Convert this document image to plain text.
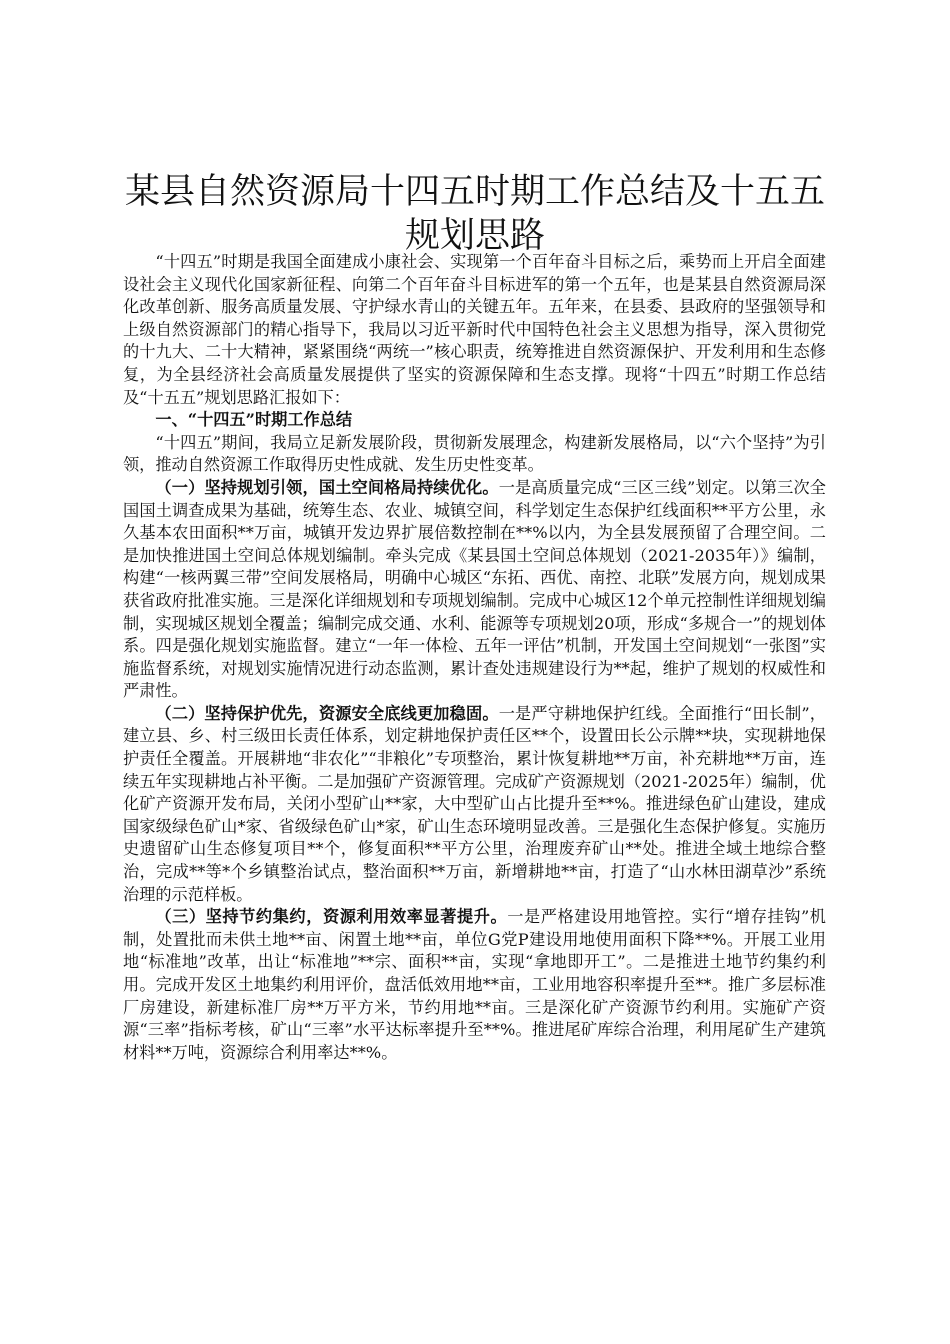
某县自然资源局十四五时期工作总结及十五五规划思路

“十四五”时期是我国全面建成小康社会、实现第一个百年奋斗目标之后，乘势而上开启全面建设社会主义现代化国家新征程、向第二个百年奋斗目标进军的第一个五年，也是某县自然资源局深化改革创新、服务高质量发展、守护绿水青山的关键五年。五年来，在县委、县政府的坚强领导和上级自然资源部门的精心指导下，我局以习近平新时代中国特色社会主义思想为指导，深入贯彻党的十九大、二十大精神，紧紧围绕“两统一”核心职责，统筹推进自然资源保护、开发利用和生态修复，为全县经济社会高质量发展提供了坚实的资源保障和生态支撑。现将“十四五”时期工作总结及“十五五”规划思路汇报如下：

一、“十四五”时期工作总结

“十四五”期间，我局立足新发展阶段，贯彻新发展理念，构建新发展格局，以“六个坚持”为引领，推动自然资源工作取得历史性成就、发生历史性变革。

（一）坚持规划引领，国土空间格局持续优化。一是高质量完成“三区三线”划定。以第三次全国国土调查成果为基础，统筹生态、农业、城镇空间，科学划定生态保护红线面积**平方公里，永久基本农田面积**万亩，城镇开发边界扩展倍数控制在**%以内，为全县发展预留了合理空间。二是加快推进国土空间总体规划编制。牵头完成《某县国土空间总体规划（2021-2035年）》编制，构建“一核两翼三带”空间发展格局，明确中心城区“东拓、西优、南控、北联”发展方向，规划成果获省政府批准实施。三是深化详细规划和专项规划编制。完成中心城区12个单元控制性详细规划编制，实现城区规划全覆盖；编制完成交通、水利、能源等专项规划20项，形成“多规合一”的规划体系。四是强化规划实施监督。建立“一年一体检、五年一评估”机制，开发国土空间规划“一张图”实施监督系统，对规划实施情况进行动态监测，累计查处违规建设行为**起，维护了规划的权威性和严肃性。

（二）坚持保护优先，资源安全底线更加稳固。一是严守耕地保护红线。全面推行“田长制”，建立县、乡、村三级田长责任体系，划定耕地保护责任区**个，设置田长公示牌**块，实现耕地保护责任全覆盖。开展耕地“非农化”“非粮化”专项整治，累计恢复耕地**万亩，补充耕地**万亩，连续五年实现耕地占补平衡。二是加强矿产资源管理。完成矿产资源规划（2021-2025年）编制，优化矿产资源开发布局，关闭小型矿山**家，大中型矿山占比提升至**%。推进绿色矿山建设，建成国家级绿色矿山*家、省级绿色矿山*家，矿山生态环境明显改善。三是强化生态保护修复。实施历史遗留矿山生态修复项目**个，修复面积**平方公里，治理废弃矿山**处。推进全域土地综合整治，完成**等*个乡镇整治试点，整治面积**万亩，新增耕地**亩，打造了“山水林田湖草沙”系统治理的示范样板。

（三）坚持节约集约，资源利用效率显著提升。一是严格建设用地管控。实行“增存挂钩”机制，处置批而未供土地**亩、闲置土地**亩，单位G党P建设用地使用面积下降**%。开展工业用地“标准地”改革，出让“标准地”**宗、面积**亩，实现“拿地即开工”。二是推进土地节约集约利用。完成开发区土地集约利用评价，盘活低效用地**亩，工业用地容积率提升至**。推广多层标准厂房建设，新建标准厂房**万平方米，节约用地**亩。三是深化矿产资源节约利用。实施矿产资源“三率”指标考核，矿山“三率”水平达标率提升至**%。推进尾矿库综合治理，利用尾矿生产建筑材料**万吨，资源综合利用率达**%。
